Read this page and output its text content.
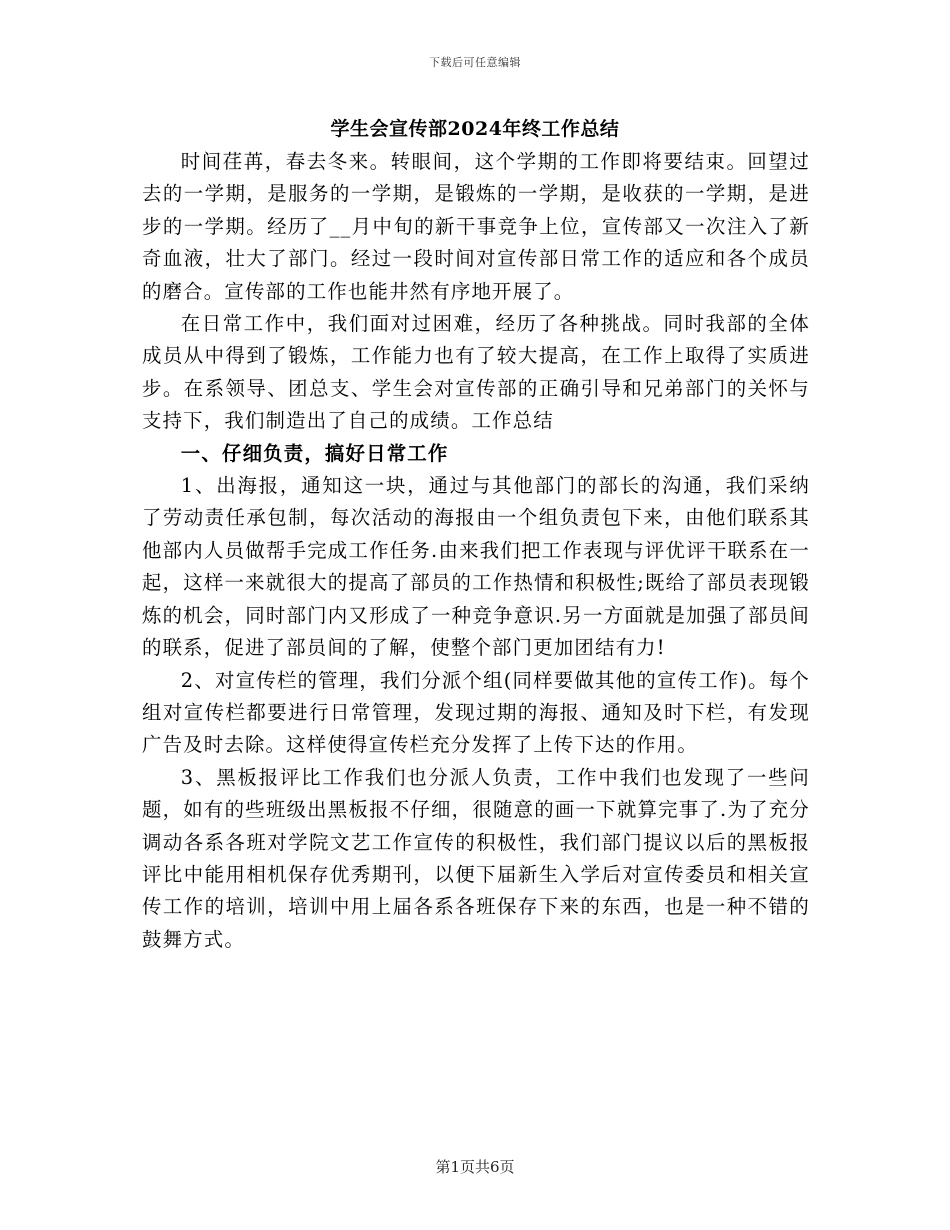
下载后可任意编辑
学生会宣传部2024年终工作总结

时间荏苒，春去冬来。转眼间，这个学期的工作即将要结束。回望过去的一学期，是服务的一学期，是锻炼的一学期，是收获的一学期，是进步的一学期。经历了__月中旬的新干事竞争上位，宣传部又一次注入了新奇血液，壮大了部门。经过一段时间对宣传部日常工作的适应和各个成员的磨合。宣传部的工作也能井然有序地开展了。

在日常工作中，我们面对过困难，经历了各种挑战。同时我部的全体成员从中得到了锻炼，工作能力也有了较大提高，在工作上取得了实质进步。在系领导、团总支、学生会对宣传部的正确引导和兄弟部门的关怀与支持下，我们制造出了自己的成绩。工作总结

一、仔细负责，搞好日常工作

1、出海报，通知这一块，通过与其他部门的部长的沟通，我们采纳了劳动责任承包制，每次活动的海报由一个组负责包下来，由他们联系其他部内人员做帮手完成工作任务.由来我们把工作表现与评优评干联系在一起，这样一来就很大的提高了部员的工作热情和积极性;既给了部员表现锻炼的机会，同时部门内又形成了一种竞争意识.另一方面就是加强了部员间的联系，促进了部员间的了解，使整个部门更加团结有力!

2、对宣传栏的管理，我们分派个组(同样要做其他的宣传工作)。每个组对宣传栏都要进行日常管理，发现过期的海报、通知及时下栏，有发现广告及时去除。这样使得宣传栏充分发挥了上传下达的作用。

3、黑板报评比工作我们也分派人负责，工作中我们也发现了一些问题，如有的些班级出黑板报不仔细，很随意的画一下就算完事了.为了充分调动各系各班对学院文艺工作宣传的积极性，我们部门提议以后的黑板报评比中能用相机保存优秀期刊，以便下届新生入学后对宣传委员和相关宣传工作的培训，培训中用上届各系各班保存下来的东西，也是一种不错的鼓舞方式。

第1页共6页
